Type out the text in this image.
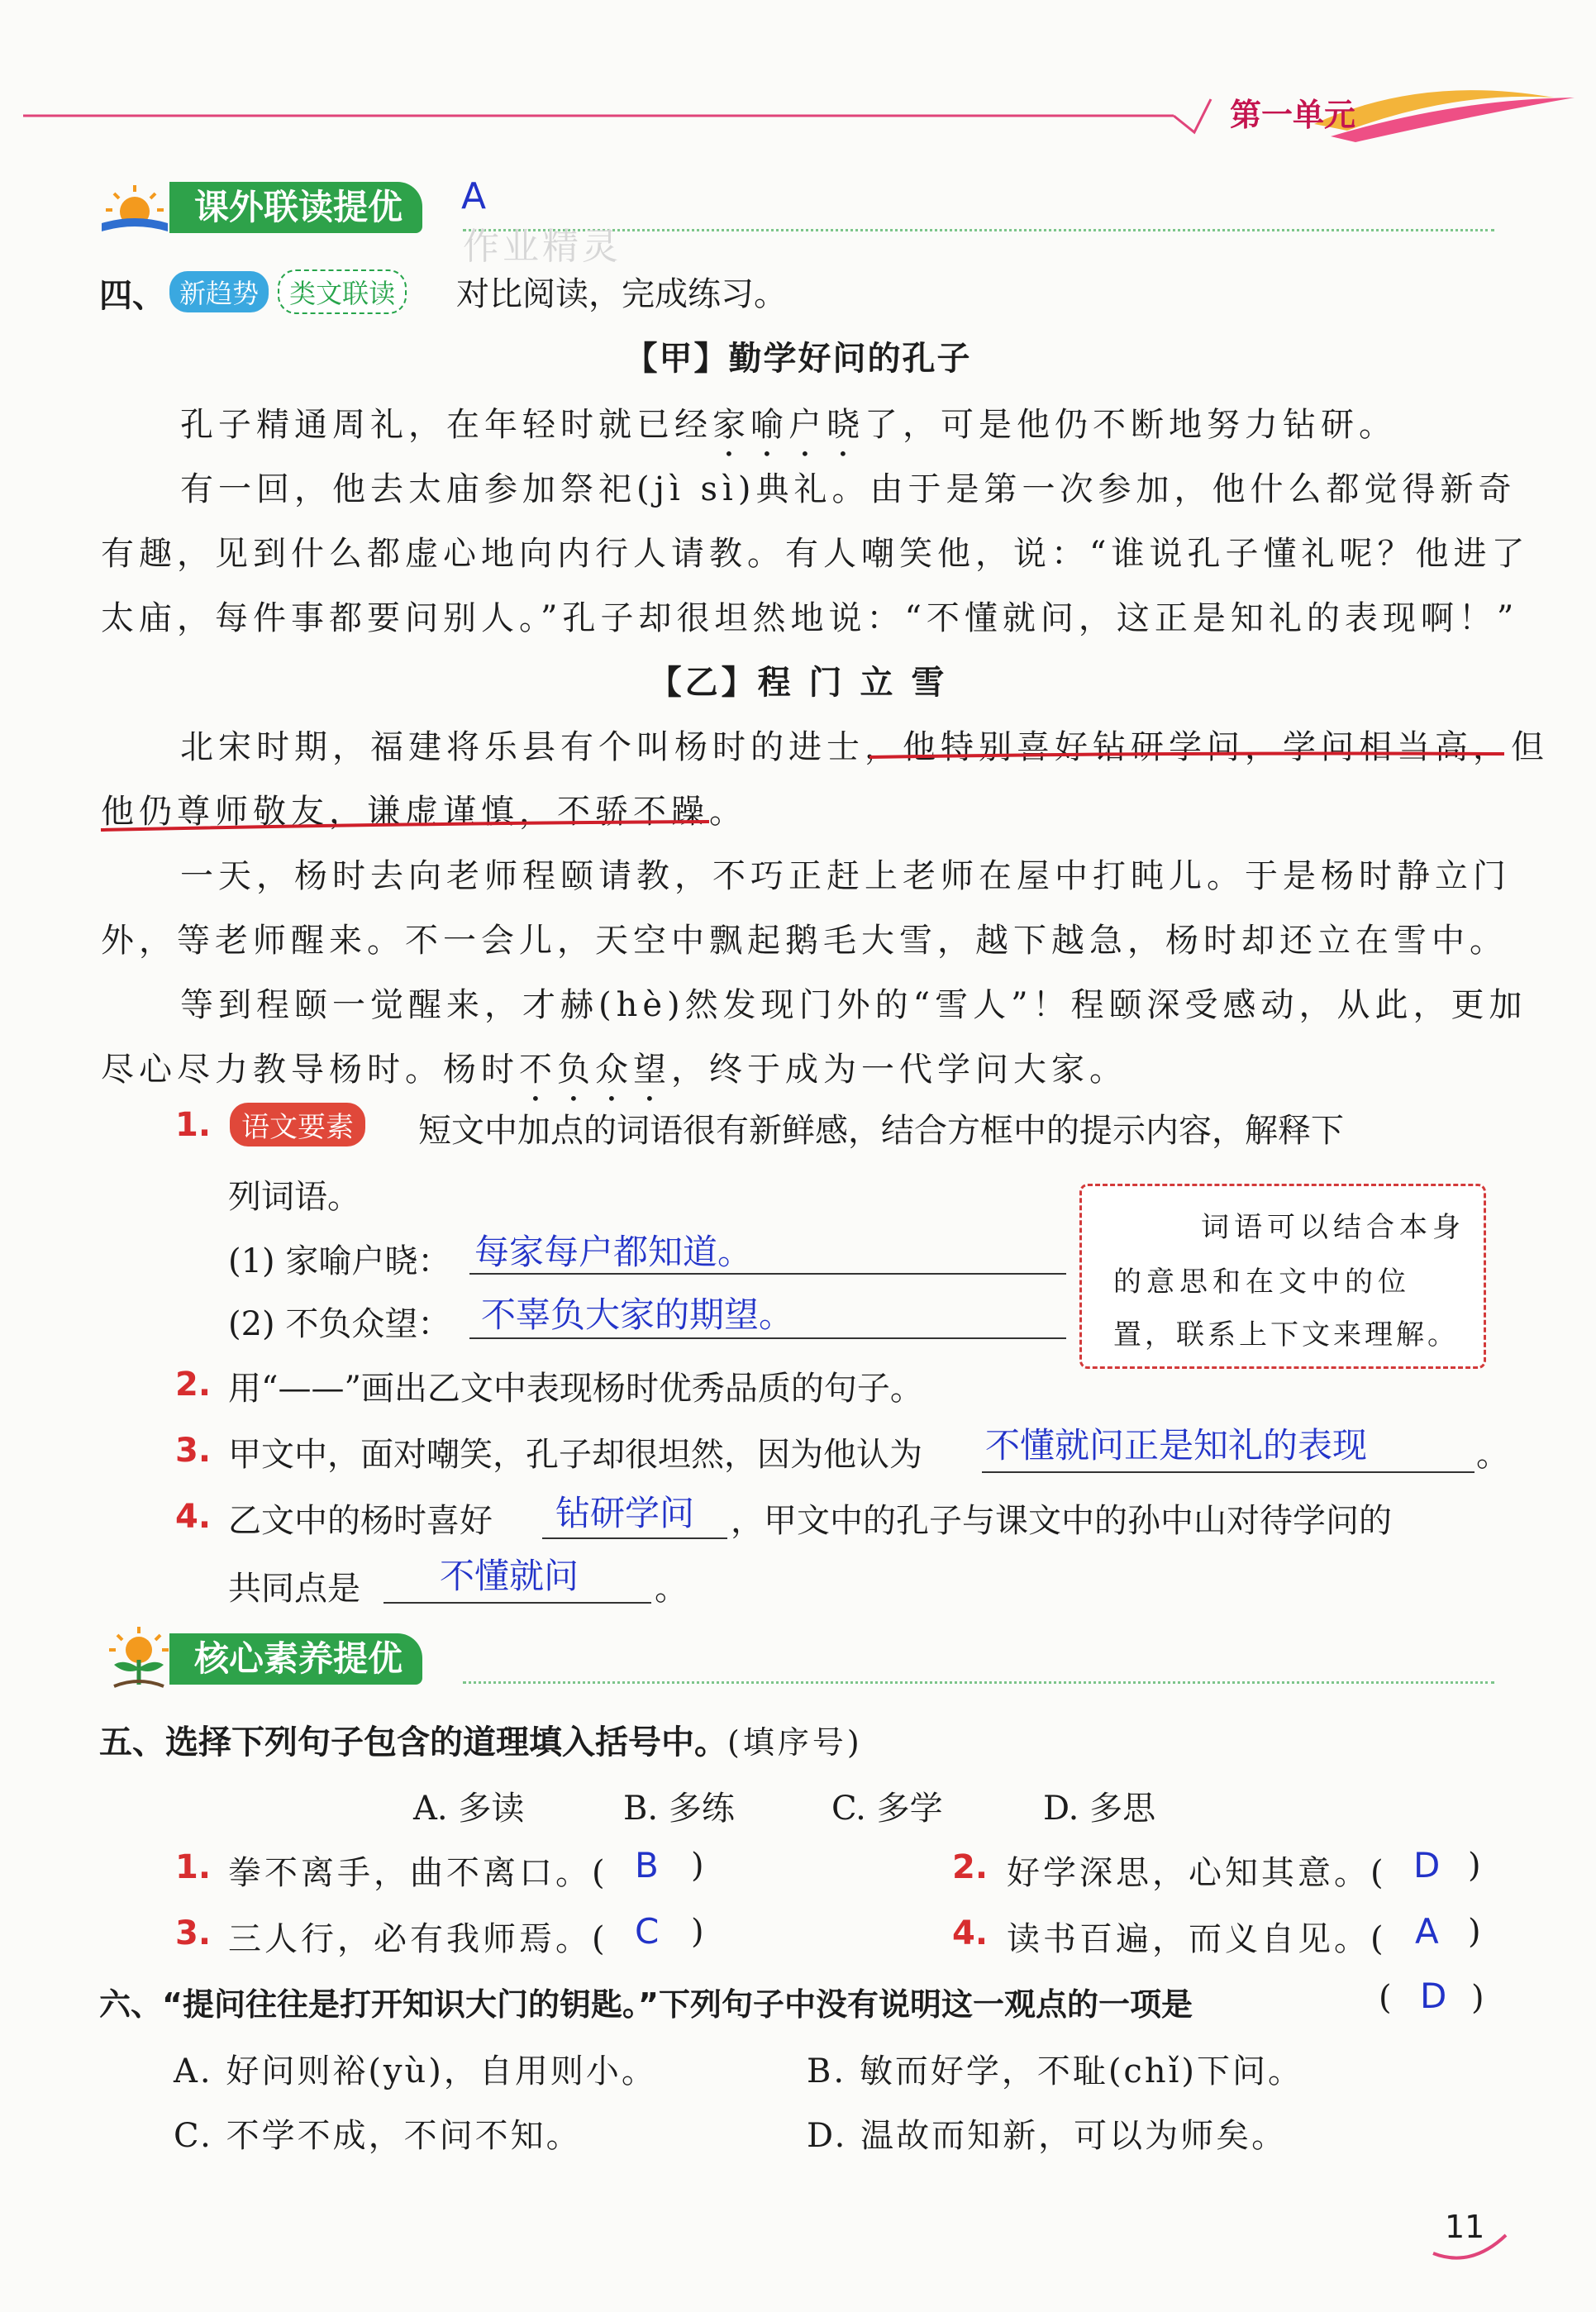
第一单元
课外联读提优	A
作业精灵
四、 新趋势 类文联读	对比阅读，完成练习。
【甲】勤学好问的孔子
孔子精通周礼，在年轻时就已经家喻户晓了，可是他仍不断地努力钻研。
有一回，他去太庙参加祭祀(jì sì)典礼。由于是第一次参加，他什么都觉得新奇
有趣，见到什么都虚心地向内行人请教。有人嘲笑他，说：“谁说孔子懂礼呢？他进了
太庙，每件事都要问别人。”孔子却很坦然地说：“不懂就问，这正是知礼的表现啊！”
【乙】程 门 立 雪
北宋时期，福建将乐县有个叫杨时的进士，他特别喜好钻研学问，学问相当高，但
他仍尊师敬友，谦虚谨慎，不骄不躁。
一天，杨时去向老师程颐请教，不巧正赶上老师在屋中打盹儿。于是杨时静立门
外，等老师醒来。不一会儿，天空中飘起鹅毛大雪，越下越急，杨时却还立在雪中。
等到程颐一觉醒来，才赫(hè)然发现门外的“雪人”！程颐深受感动，从此，更加
尽心尽力教导杨时。杨时不负众望，终于成为一代学问大家。
1.	语文要素	短文中加点的词语很有新鲜感，结合方框中的提示内容，解释下
列词语。
(1) 家喻户晓： 每家每户都知道。
(2) 不负众望： 不辜负大家的期望。
词语可以结合本身
的意思和在文中的位
置，联系上下文来理解。
2. 用“——”画出乙文中表现杨时优秀品质的句子。
3. 甲文中，面对嘲笑，孔子却很坦然，因为他认为 不懂就问正是知礼的表现	。
4. 乙文中的杨时喜好 钻研学问 ，甲文中的孔子与课文中的孙中山对待学问的
共同点是 不懂就问 。
核心素养提优
五、选择下列句子包含的道理填入括号中。(填序号)
A. 多读	B. 多练	C. 多学	D. 多思
1. 拳不离手，曲不离口。( B )	2. 好学深思，心知其意。( D )
3. 三人行，必有我师焉。( C )	4. 读书百遍，而义自见。( A )
六、“提问往往是打开知识大门的钥匙。”下列句子中没有说明这一观点的一项是	( D )
A. 好问则裕(yù)，自用则小。	B. 敏而好学，不耻(chǐ)下问。
C. 不学不成，不问不知。	D. 温故而知新，可以为师矣。
11
